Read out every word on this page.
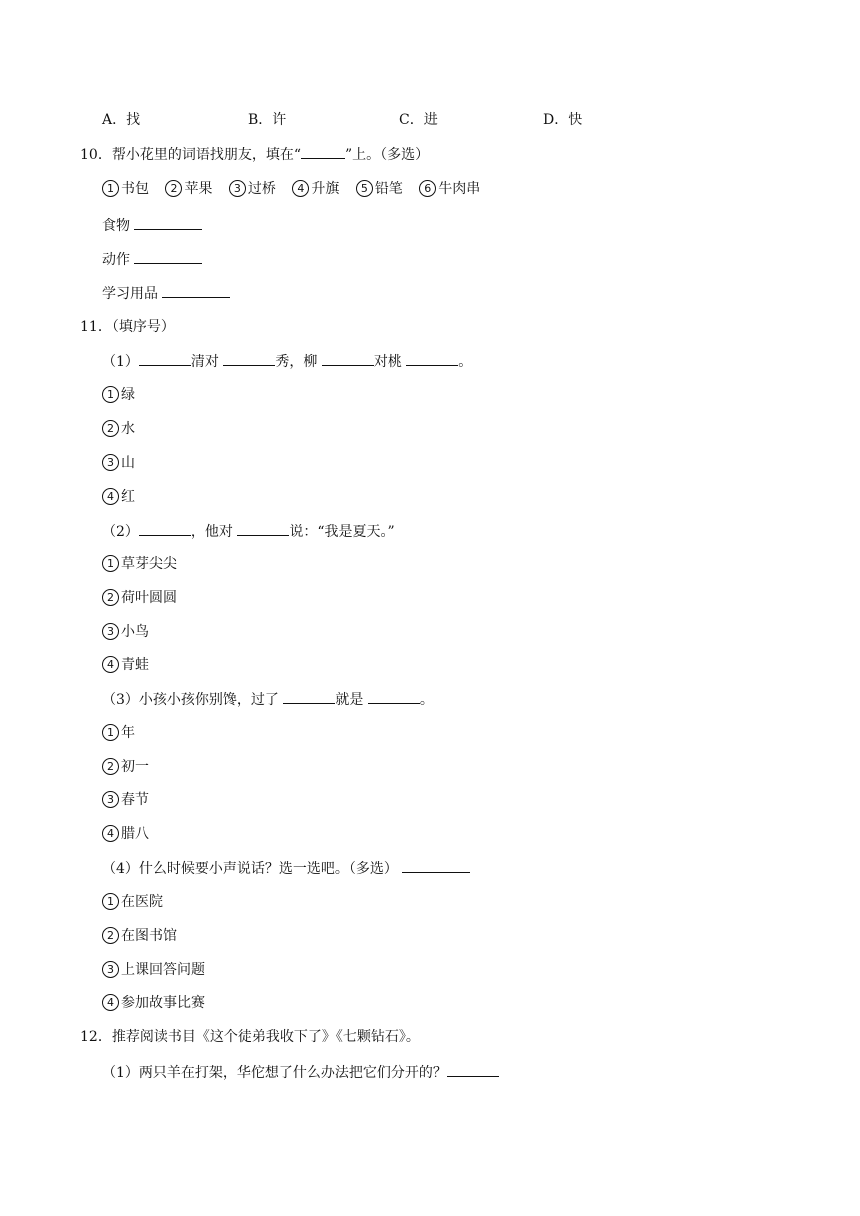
A．找	B．许	C．进	D．快
10．帮小花里的词语找朋友，填在“	”上。（多选）
1 书包 2 苹果 3 过桥 4 升旗 5 铅笔 6 牛肉串
食物
动作
学习用品
11．（填序号）
（1）	清对	秀，柳	对桃	。
1 绿
2 水
3 山
4 红
（2）	，他对	说：“我是夏天。”
1 草芽尖尖
2 荷叶圆圆
3 小鸟
4 青蛙
（3）小孩小孩你别馋，过了	就是	。
1 年
2 初一
3 春节
4 腊八
（4）什么时候要小声说话？选一选吧。（多选）
1 在医院
2 在图书馆
3 上课回答问题
4 参加故事比赛
12．推荐阅读书目《这个徒弟我收下了》《七颗钻石》。
（1）两只羊在打架，华佗想了什么办法把它们分开的？
